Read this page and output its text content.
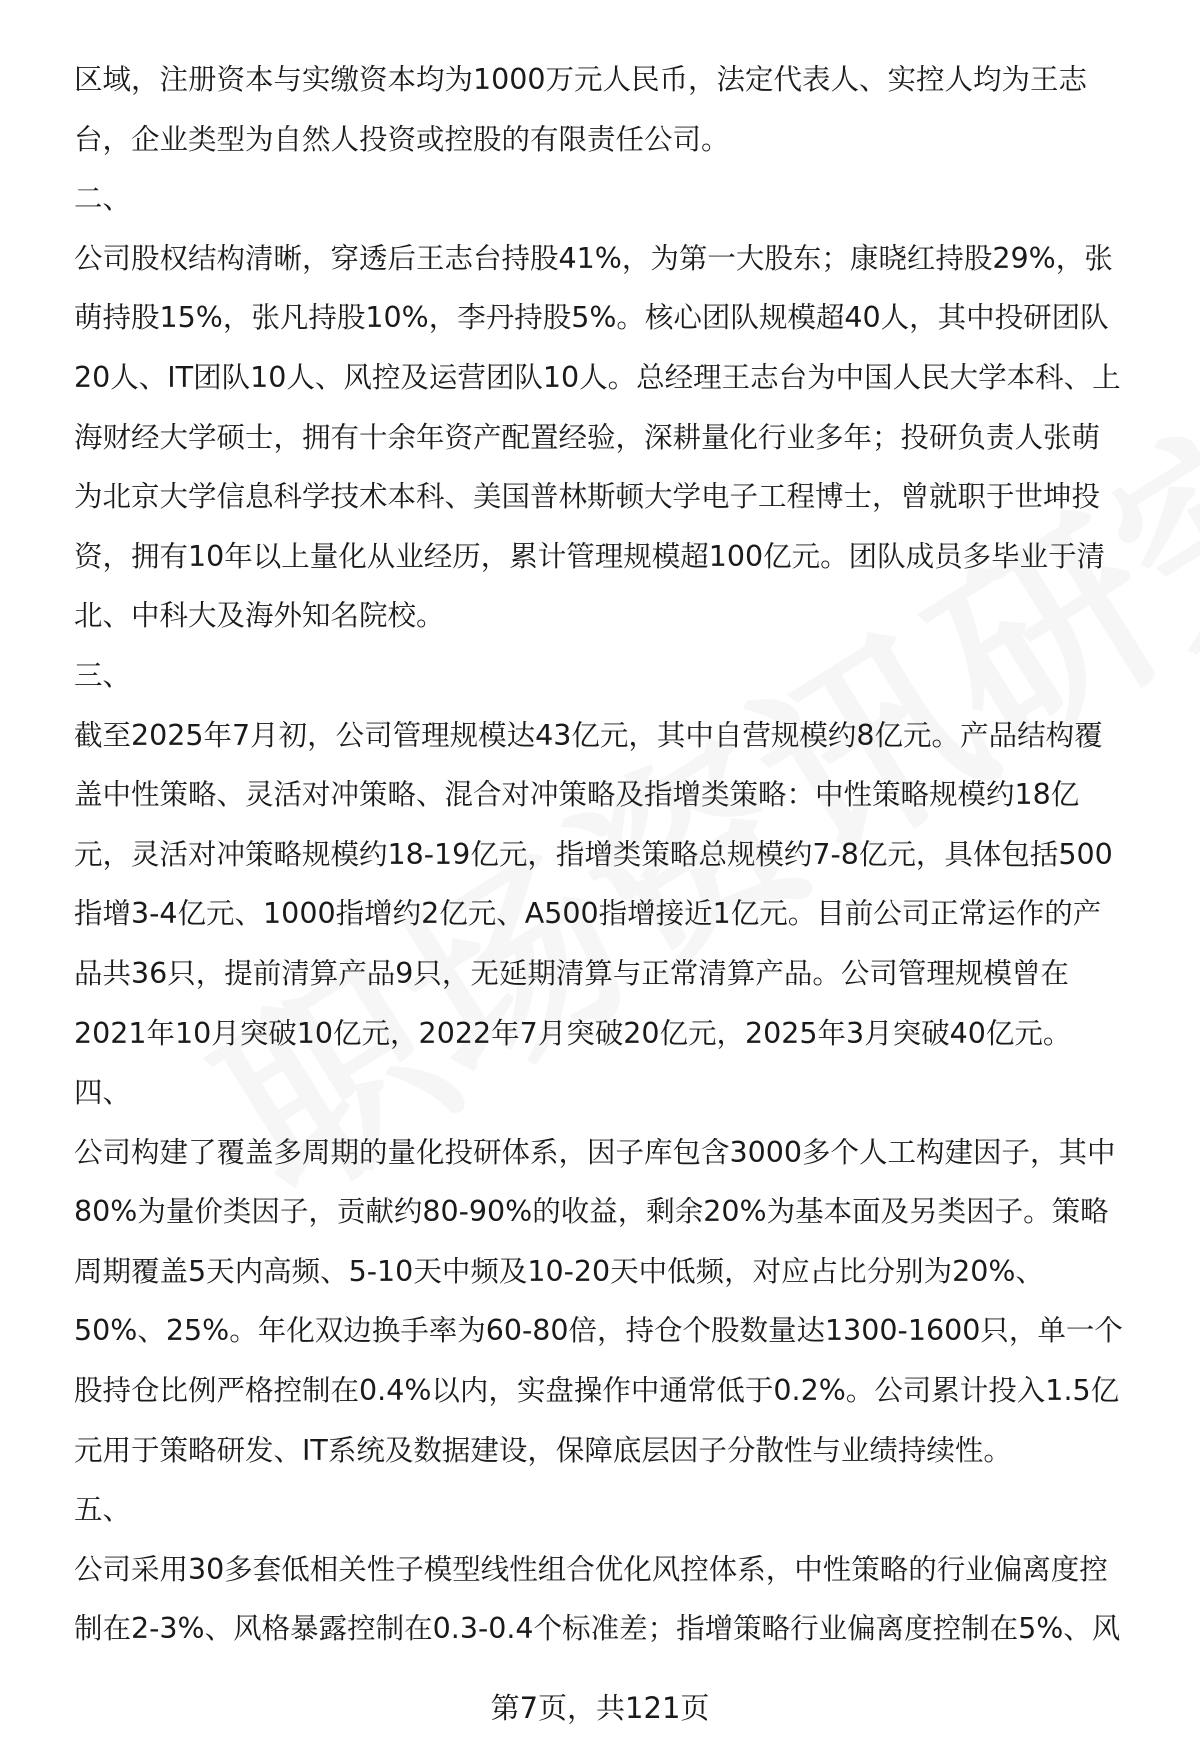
区域，注册资本与实缴资本均为1000万元人民币，法定代表人、实控人均为王志
台，企业类型为自然人投资或控股的有限责任公司。
二、
公司股权结构清晰，穿透后王志台持股41%，为第一大股东；康晓红持股29%，张
萌持股15%，张凡持股10%，李丹持股5%。核心团队规模超40人，其中投研团队
20人、IT团队10人、风控及运营团队10人。总经理王志台为中国人民大学本科、上
海财经大学硕士，拥有十余年资产配置经验，深耕量化行业多年；投研负责人张萌
为北京大学信息科学技术本科、美国普林斯顿大学电子工程博士，曾就职于世坤投
资，拥有10年以上量化从业经历，累计管理规模超100亿元。团队成员多毕业于清
北、中科大及海外知名院校。
三、
截至2025年7月初，公司管理规模达43亿元，其中自营规模约8亿元。产品结构覆
盖中性策略、灵活对冲策略、混合对冲策略及指增类策略：中性策略规模约18亿
元，灵活对冲策略规模约18-19亿元，指增类策略总规模约7-8亿元，具体包括500
指增3-4亿元、1000指增约2亿元、A500指增接近1亿元。目前公司正常运作的产
品共36只，提前清算产品9只，无延期清算与正常清算产品。公司管理规模曾在
2021年10月突破10亿元，2022年7月突破20亿元，2025年3月突破40亿元。
四、
公司构建了覆盖多周期的量化投研体系，因子库包含3000多个人工构建因子，其中
80%为量价类因子，贡献约80-90%的收益，剩余20%为基本面及另类因子。策略
周期覆盖5天内高频、5-10天中频及10-20天中低频，对应占比分别为20%、
50%、25%。年化双边换手率为60-80倍，持仓个股数量达1300-1600只，单一个
股持仓比例严格控制在0.4%以内，实盘操作中通常低于0.2%。公司累计投入1.5亿
元用于策略研发、IT系统及数据建设，保障底层因子分散性与业绩持续性。
五、
公司采用30多套低相关性子模型线性组合优化风控体系，中性策略的行业偏离度控
制在2-3%、风格暴露控制在0.3-0.4个标准差；指增策略行业偏离度控制在5%、风
第7页，共121页
